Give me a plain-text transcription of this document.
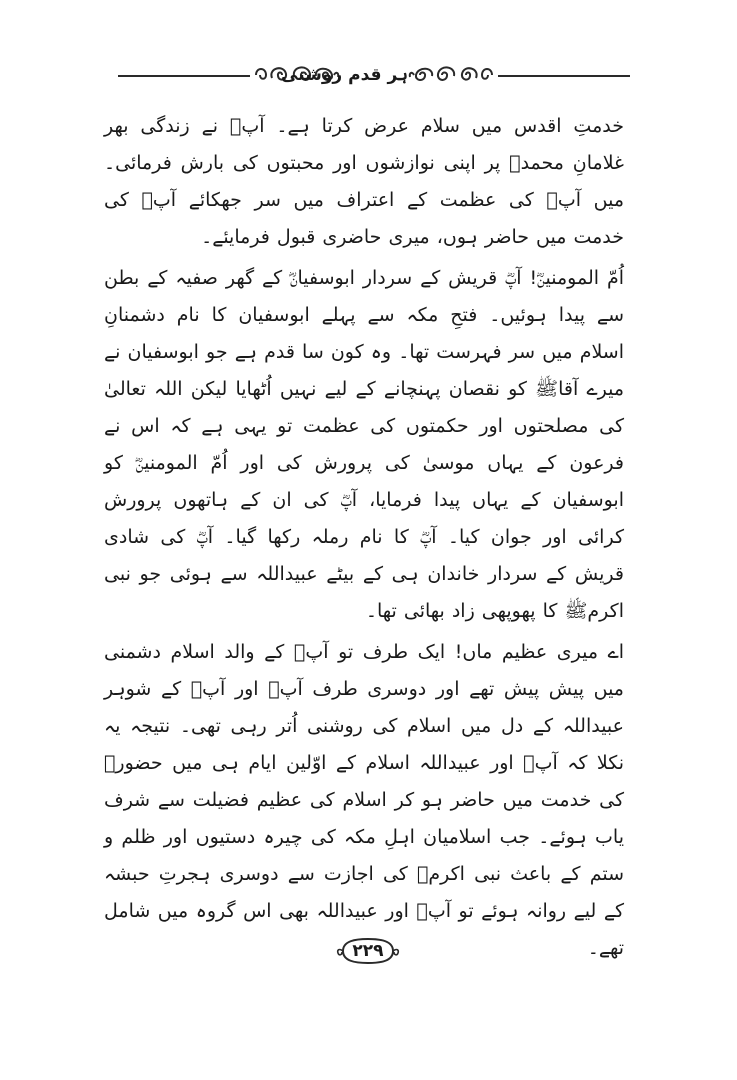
ہر قدم روشنی

خدمتِ اقدس میں سلام عرض کرتا ہے۔ آپؓ نے زندگی بھر غلامانِ محمدﷺ پر اپنی نوازشوں اور محبتوں کی بارش فرمائی۔ میں آپؓ کی عظمت کے اعتراف میں سر جھکائے آپؓ کی خدمت میں حاضر ہوں، میری حاضری قبول فرمایئے۔

اُمّ المومنینؓ! آپؓ قریش کے سردار ابوسفیانؓ کے گھر صفیہ کے بطن سے پیدا ہوئیں۔ فتحِ مکہ سے پہلے ابوسفیان کا نام دشمنانِ اسلام میں سر فہرست تھا۔ وہ کون سا قدم ہے جو ابوسفیان نے میرے آقاﷺ کو نقصان پہنچانے کے لیے نہیں اُٹھایا لیکن اللہ تعالیٰ کی مصلحتوں اور حکمتوں کی عظمت تو یہی ہے کہ اس نے فرعون کے یہاں موسیٰ کی پرورش کی اور اُمّ المومنینؓ کو ابوسفیان کے یہاں پیدا فرمایا، آپؓ کی ان کے ہاتھوں پرورش کرائی اور جوان کیا۔ آپؓ کا نام رملہ رکھا گیا۔ آپؓ کی شادی قریش کے سردار خاندان ہی کے بیٹے عبیداللہ سے ہوئی جو نبی اکرمﷺ کا پھوپھی زاد بھائی تھا۔

اے میری عظیم ماں! ایک طرف تو آپؓ کے والد اسلام دشمنی میں پیش پیش تھے اور دوسری طرف آپؓ اور آپؓ کے شوہر عبیداللہ کے دل میں اسلام کی روشنی اُتر رہی تھی۔ نتیجہ یہ نکلا کہ آپؓ اور عبیداللہ اسلام کے اوّلین ایام ہی میں حضورﷺ کی خدمت میں حاضر ہو کر اسلام کی عظیم فضیلت سے شرف یاب ہوئے۔ جب اسلامیان اہلِ مکہ کی چیرہ دستیوں اور ظلم و ستم کے باعث نبی اکرمﷺ کی اجازت سے دوسری ہجرتِ حبشہ کے لیے روانہ ہوئے تو آپؓ اور عبیداللہ بھی اس گروہ میں شامل تھے۔

۲۲۹
